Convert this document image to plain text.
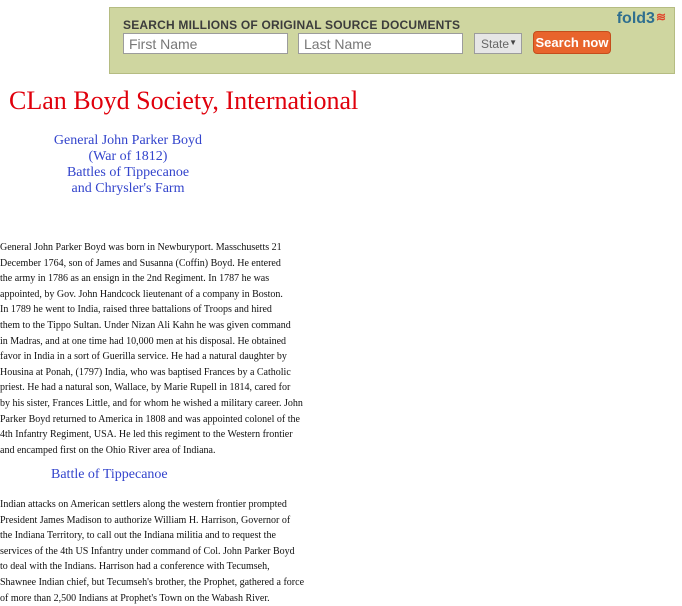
SEARCH MILLIONS OF ORIGINAL SOURCE DOCUMENTS	fold3≋
First Name
Last Name
State ▼ Search now
CLan Boyd Society, International
General John Parker Boyd
(War of 1812)
Battles of Tippecanoe
and Chrysler's Farm
General John Parker Boyd was born in Newburyport. Masschusetts 21
December 1764, son of James and Susanna (Coffin) Boyd. He entered
the army in 1786 as an ensign in the 2nd Regiment. In 1787 he was
appointed, by Gov. John Handcock lieutenant of a company in Boston.
In 1789 he went to India, raised three battalions of Troops and hired
them to the Tippo Sultan. Under Nizan Ali Kahn he was given command
in Madras, and at one time had 10,000 men at his disposal. He obtained
favor in India in a sort of Guerilla service. He had a natural daughter by
Housina at Ponah, (1797) India, who was baptised Frances by a Catholic
priest. He had a natural son, Wallace, by Marie Rupell in 1814, cared for
by his sister, Frances Little, and for whom he wished a military career. John
Parker Boyd returned to America in 1808 and was appointed colonel of the
4th Infantry Regiment, USA. He led this regiment to the Western frontier
and encamped first on the Ohio River area of Indiana.
Battle of Tippecanoe
Indian attacks on American settlers along the western frontier prompted
President James Madison to authorize William H. Harrison, Governor of
the Indiana Territory, to call out the Indiana militia and to request the
services of the 4th US Infantry under command of Col. John Parker Boyd
to deal with the Indians. Harrison had a conference with Tecumseh,
Shawnee Indian chief, but Tecumseh's brother, the Prophet, gathered a force
of more than 2,500 Indians at Prophet's Town on the Wabash River.
